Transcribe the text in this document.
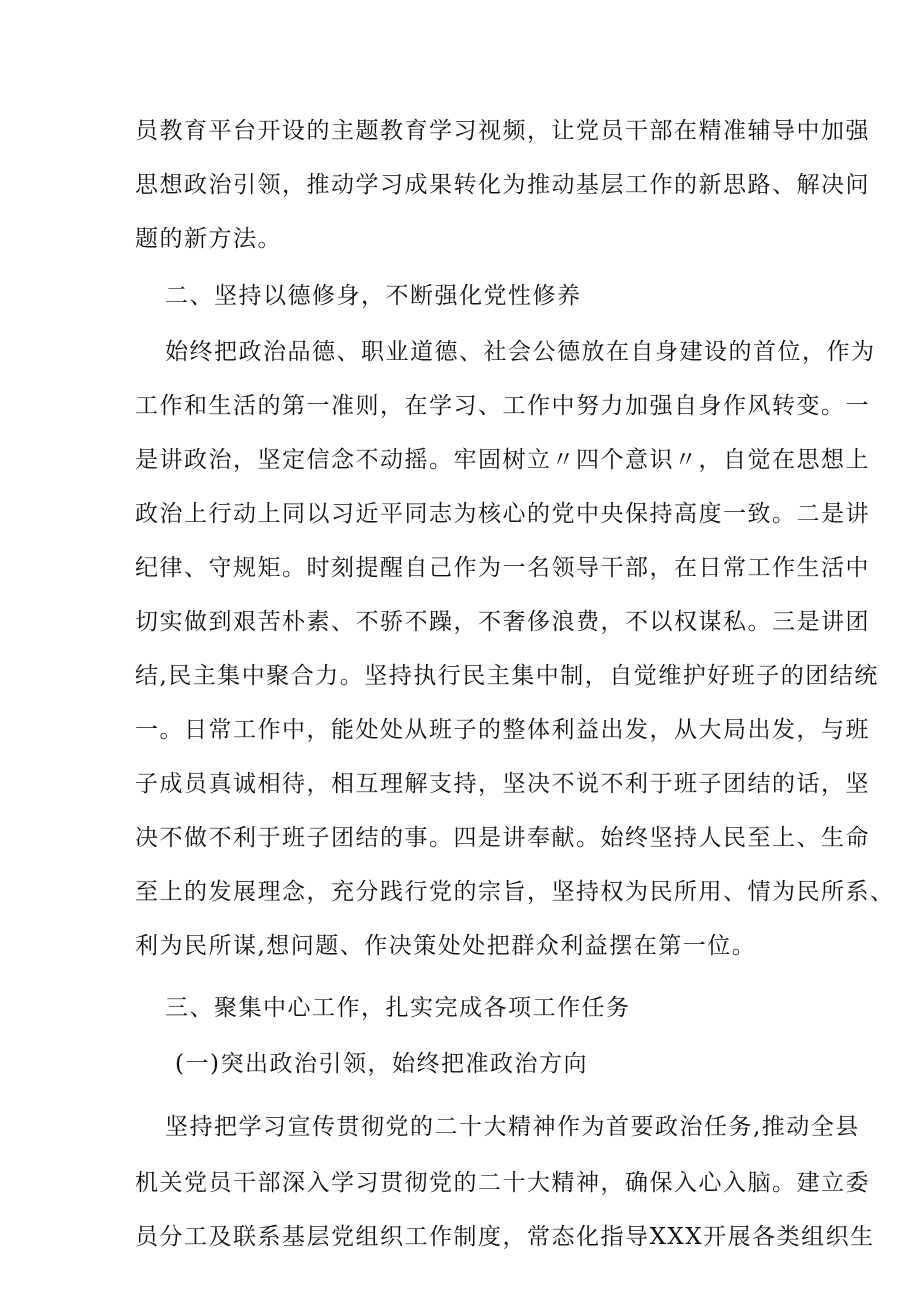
员教育平台开设的主题教育学习视频，让党员干部在精准辅导中加强
思想政治引领，推动学习成果转化为推动基层工作的新思路、解决问
题的新方法。
二、坚持以德修身，不断强化党性修养
始终把政治品德、职业道德、社会公德放在自身建设的首位，作为
工作和生活的第一准则，在学习、工作中努力加强自身作风转变。一
是讲政治，坚定信念不动摇。牢固树立〃四个意识〃，自觉在思想上
政治上行动上同以习近平同志为核心的党中央保持高度一致。二是讲
纪律、守规矩。时刻提醒自己作为一名领导干部，在日常工作生活中
切实做到艰苦朴素、不骄不躁，不奢侈浪费，不以权谋私。三是讲团
结,民主集中聚合力。坚持执行民主集中制，自觉维护好班子的团结统
一。日常工作中，能处处从班子的整体利益出发，从大局出发，与班
子成员真诚相待，相互理解支持，坚决不说不利于班子团结的话，坚
决不做不利于班子团结的事。四是讲奉献。始终坚持人民至上、生命
至上的发展理念，充分践行党的宗旨，坚持权为民所用、情为民所系、
利为民所谋,想问题、作决策处处把群众利益摆在第一位。
三、聚集中心工作，扎实完成各项工作任务
(一)突出政治引领，始终把准政治方向
坚持把学习宣传贯彻党的二十大精神作为首要政治任务,推动全县
机关党员干部深入学习贯彻党的二十大精神，确保入心入脑。建立委
员分工及联系基层党组织工作制度，常态化指导XXX开展各类组织生
